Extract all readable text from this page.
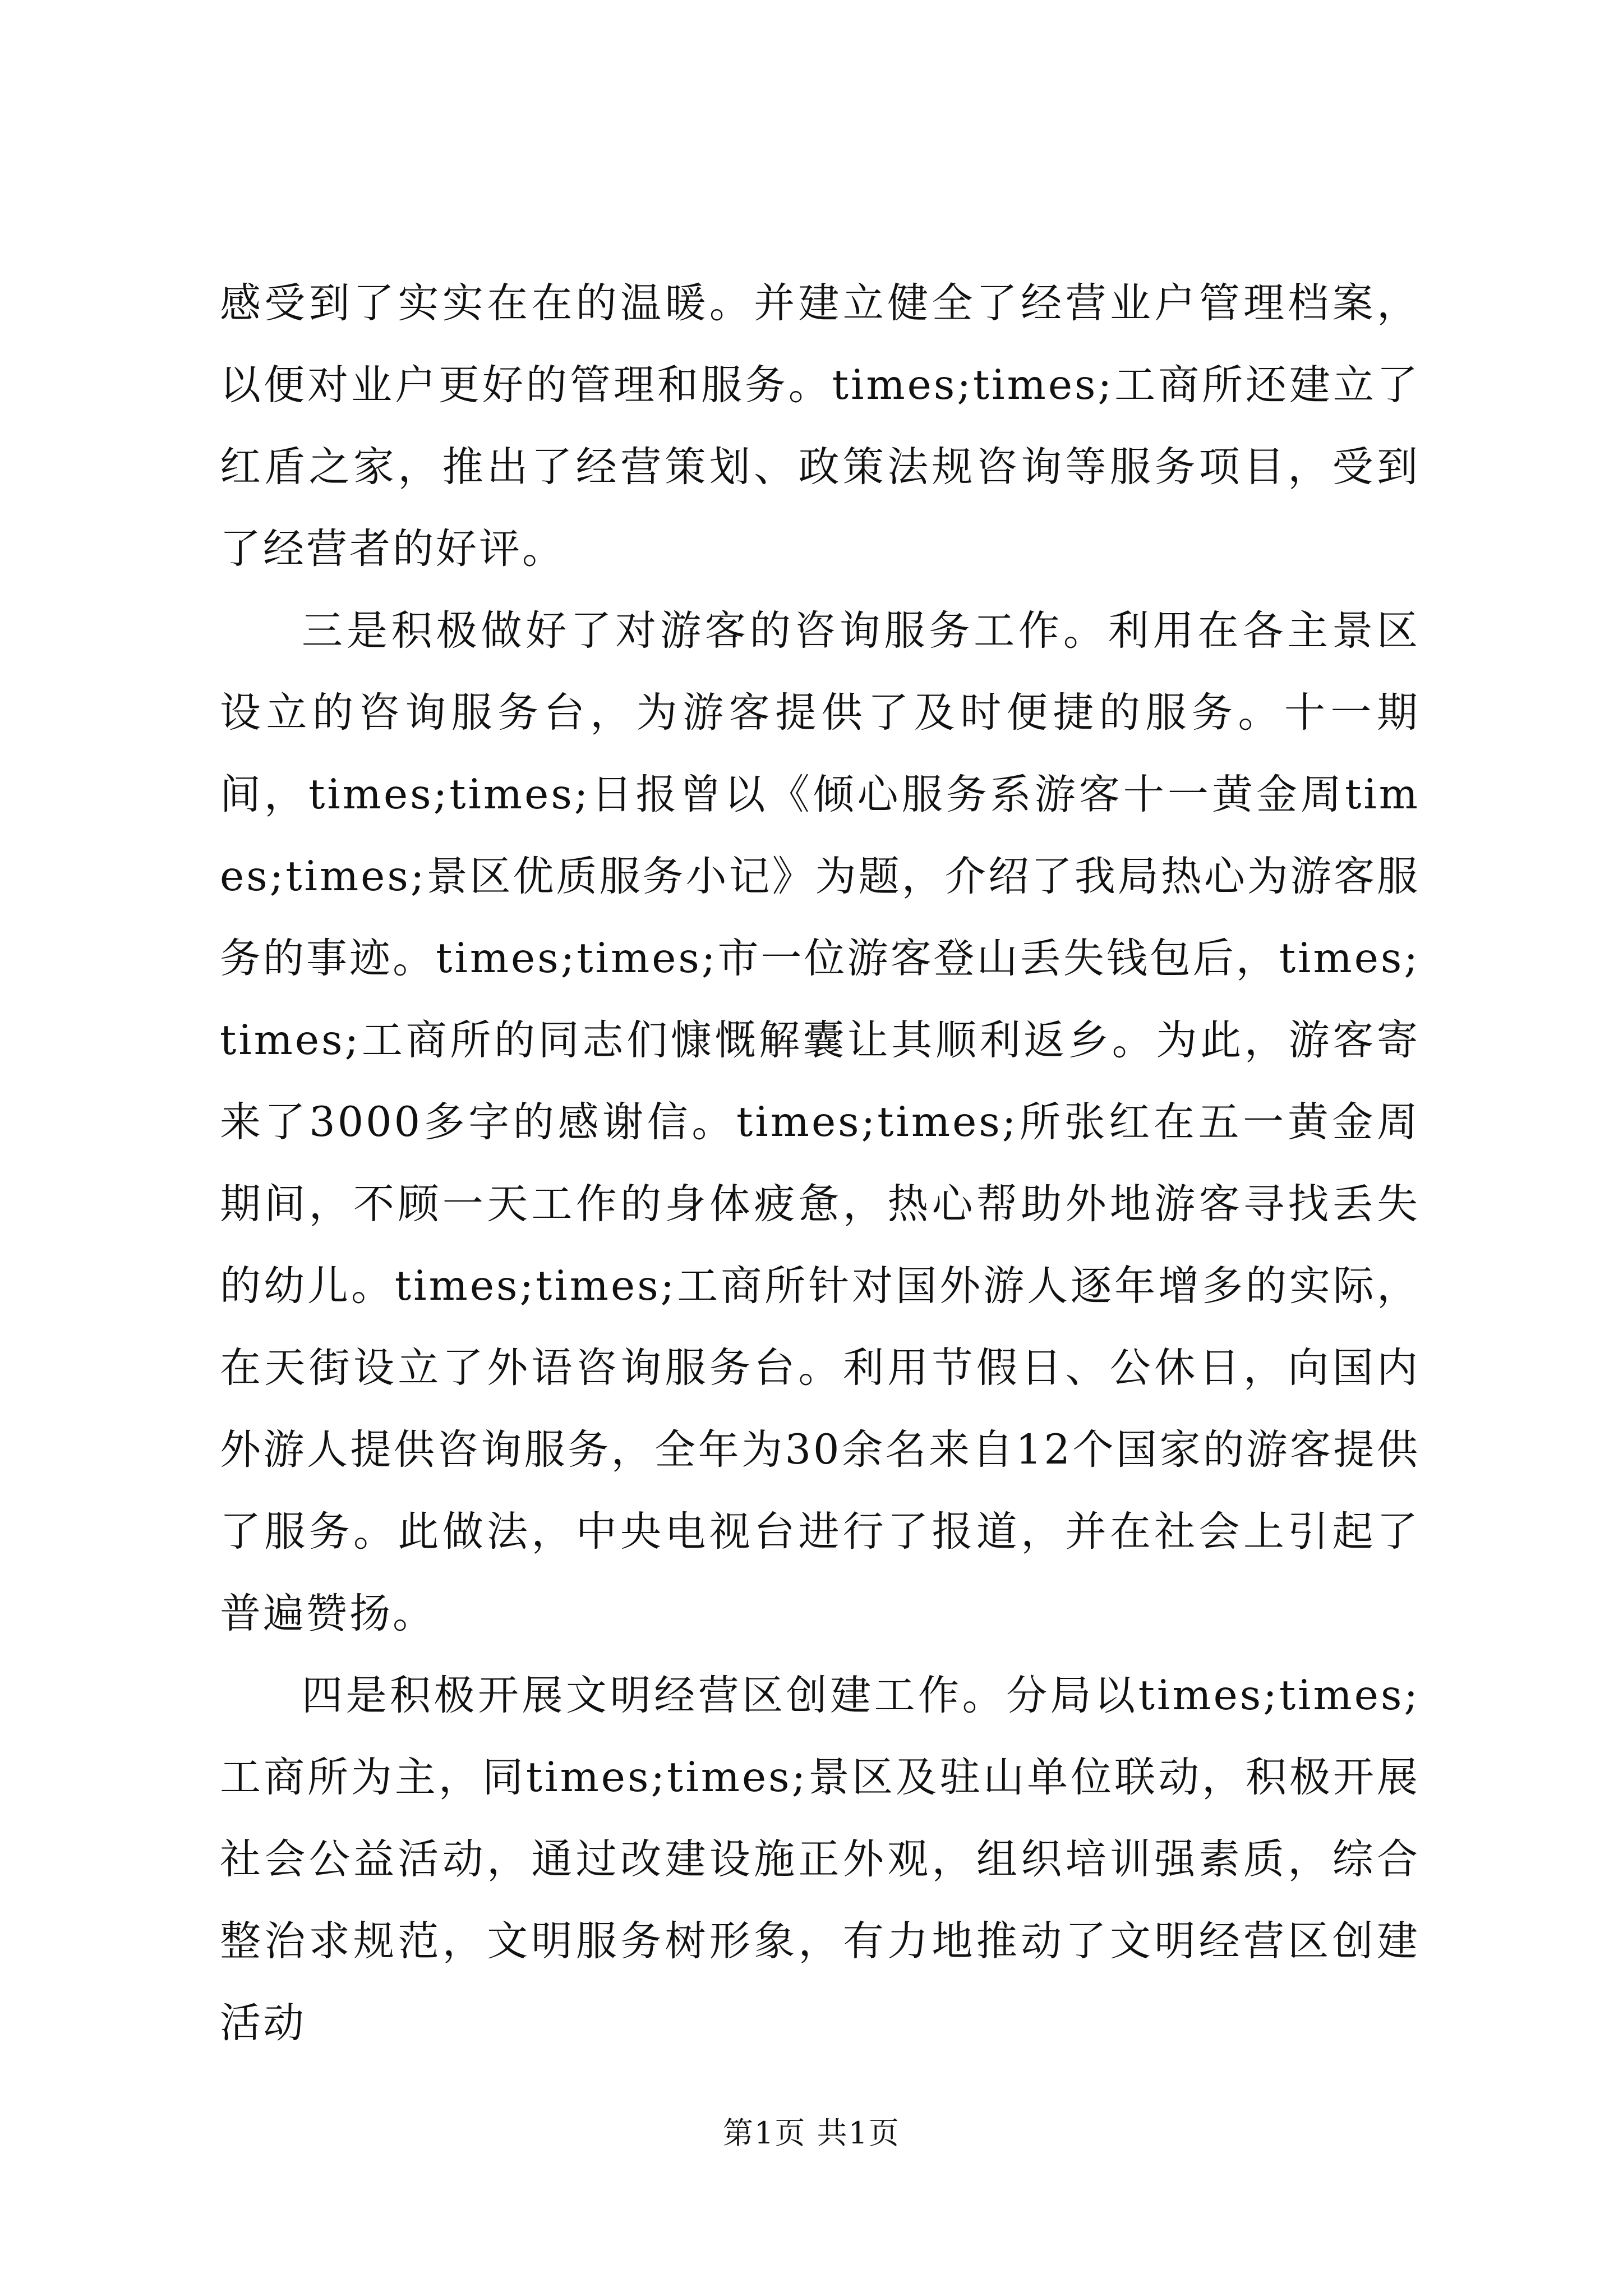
感受到了实实在在的温暖。并建立健全了经营业户管理档案，以便对业户更好的管理和服务。times;times;工商所还建立了红盾之家，推出了经营策划、政策法规咨询等服务项目，受到了经营者的好评。

三是积极做好了对游客的咨询服务工作。利用在各主景区设立的咨询服务台，为游客提供了及时便捷的服务。十一期间，times;times;日报曾以《倾心服务系游客十一黄金周times;times;景区优质服务小记》为题，介绍了我局热心为游客服务的事迹。times;times;市一位游客登山丢失钱包后，times;times;工商所的同志们慷慨解囊让其顺利返乡。为此，游客寄来了3000多字的感谢信。times;times;所张红在五一黄金周期间，不顾一天工作的身体疲惫，热心帮助外地游客寻找丢失的幼儿。times;times;工商所针对国外游人逐年增多的实际，在天街设立了外语咨询服务台。利用节假日、公休日，向国内外游人提供咨询服务，全年为30余名来自12个国家的游客提供了服务。此做法，中央电视台进行了报道，并在社会上引起了普遍赞扬。

四是积极开展文明经营区创建工作。分局以times;times;工商所为主，同times;times;景区及驻山单位联动，积极开展社会公益活动，通过改建设施正外观，组织培训强素质，综合整治求规范，文明服务树形象，有力地推动了文明经营区创建活动

第1页 共1页
